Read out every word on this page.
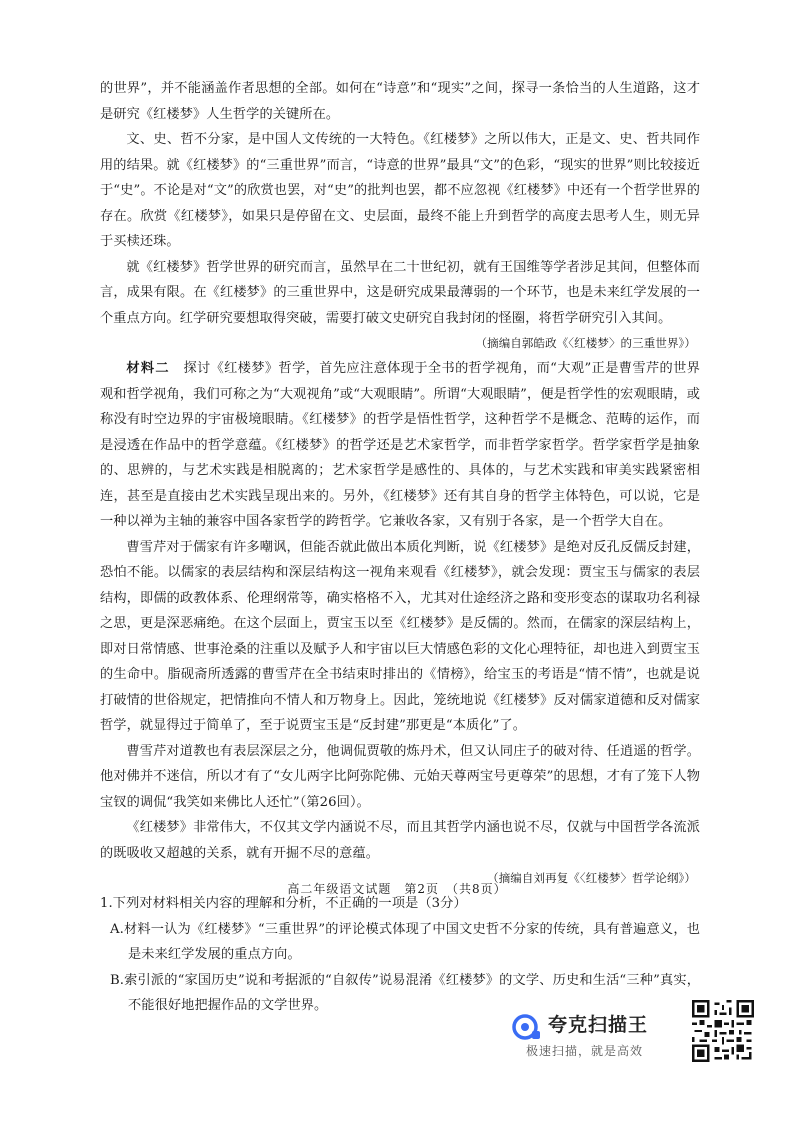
的世界”，并不能涵盖作者思想的全部。如何在“诗意”和“现实”之间，探寻一条恰当的人生道路，这才是研究《红楼梦》人生哲学的关键所在。

文、史、哲不分家，是中国人文传统的一大特色。《红楼梦》之所以伟大，正是文、史、哲共同作用的结果。就《红楼梦》的“三重世界”而言，“诗意的世界”最具“文”的色彩，“现实的世界”则比较接近于“史”。不论是对“文”的欣赏也罢，对“史”的批判也罢，都不应忽视《红楼梦》中还有一个哲学世界的存在。欣赏《红楼梦》，如果只是停留在文、史层面，最终不能上升到哲学的高度去思考人生，则无异于买椟还珠。

就《红楼梦》哲学世界的研究而言，虽然早在二十世纪初，就有王国维等学者涉足其间，但整体而言，成果有限。在《红楼梦》的三重世界中，这是研究成果最薄弱的一个环节，也是未来红学发展的一个重点方向。红学研究要想取得突破，需要打破文史研究自我封闭的怪圈，将哲学研究引入其间。

（摘编自郭皓政《〈红楼梦〉的三重世界》）

材料二　 探讨《红楼梦》哲学，首先应注意体现于全书的哲学视角，而“大观”正是曹雪芹的世界观和哲学视角，我们可称之为“大观视角”或“大观眼睛”。所谓“大观眼睛”，便是哲学性的宏观眼睛，或称没有时空边界的宇宙极境眼睛。《红楼梦》的哲学是悟性哲学，这种哲学不是概念、范畴的运作，而是浸透在作品中的哲学意蕴。《红楼梦》的哲学还是艺术家哲学，而非哲学家哲学。哲学家哲学是抽象的、思辨的，与艺术实践是相脱离的；艺术家哲学是感性的、具体的，与艺术实践和审美实践紧密相连，甚至是直接由艺术实践呈现出来的。另外，《红楼梦》还有其自身的哲学主体特色，可以说，它是一种以禅为主轴的兼容中国各家哲学的跨哲学。它兼收各家，又有别于各家，是一个哲学大自在。

曹雪芹对于儒家有许多嘲讽，但能否就此做出本质化判断，说《红楼梦》是绝对反孔反儒反封建，恐怕不能。以儒家的表层结构和深层结构这一视角来观看《红楼梦》，就会发现：贾宝玉与儒家的表层结构，即儒的政教体系、伦理纲常等，确实格格不入，尤其对仕途经济之路和变形变态的谋取功名利禄之思，更是深恶痛绝。在这个层面上，贾宝玉以至《红楼梦》是反儒的。然而，在儒家的深层结构上，即对日常情感、世事沧桑的注重以及赋予人和宇宙以巨大情感色彩的文化心理特征，却也进入到贾宝玉的生命中。脂砚斋所透露的曹雪芹在全书结束时排出的《情榜》，给宝玉的考语是“情不情”，也就是说打破情的世俗规定，把情推向不情人和万物身上。因此，笼统地说《红楼梦》反对儒家道德和反对儒家哲学，就显得过于简单了，至于说贾宝玉是“反封建”那更是“本质化”了。

曹雪芹对道教也有表层深层之分，他调侃贾敬的炼丹术，但又认同庄子的破对待、任逍遥的哲学。他对佛并不迷信，所以才有了“女儿两字比阿弥陀佛、元始天尊两宝号更尊荣”的思想，才有了笼下人物宝钗的调侃“我笑如来佛比人还忙”（第26回）。

《红楼梦》非常伟大，不仅其文学内涵说不尽，而且其哲学内涵也说不尽，仅就与中国哲学各流派的既吸收又超越的关系，就有开掘不尽的意蕴。

（摘编自刘再复《〈红楼梦〉哲学论纲》）

1.下列对材料相关内容的理解和分析，不正确的一项是（3分）

A.材料一认为《红楼梦》“三重世界”的评论模式体现了中国文史哲不分家的传统，具有普遍意义，也是未来红学发展的重点方向。

B.索引派的“家国历史”说和考据派的“自叙传”说易混淆《红楼梦》的文学、历史和生活“三种”真实，不能很好地把握作品的文学世界。

高二年级语文试题　第2页　（共8页）
夸克扫描王
极速扫描，就是高效
